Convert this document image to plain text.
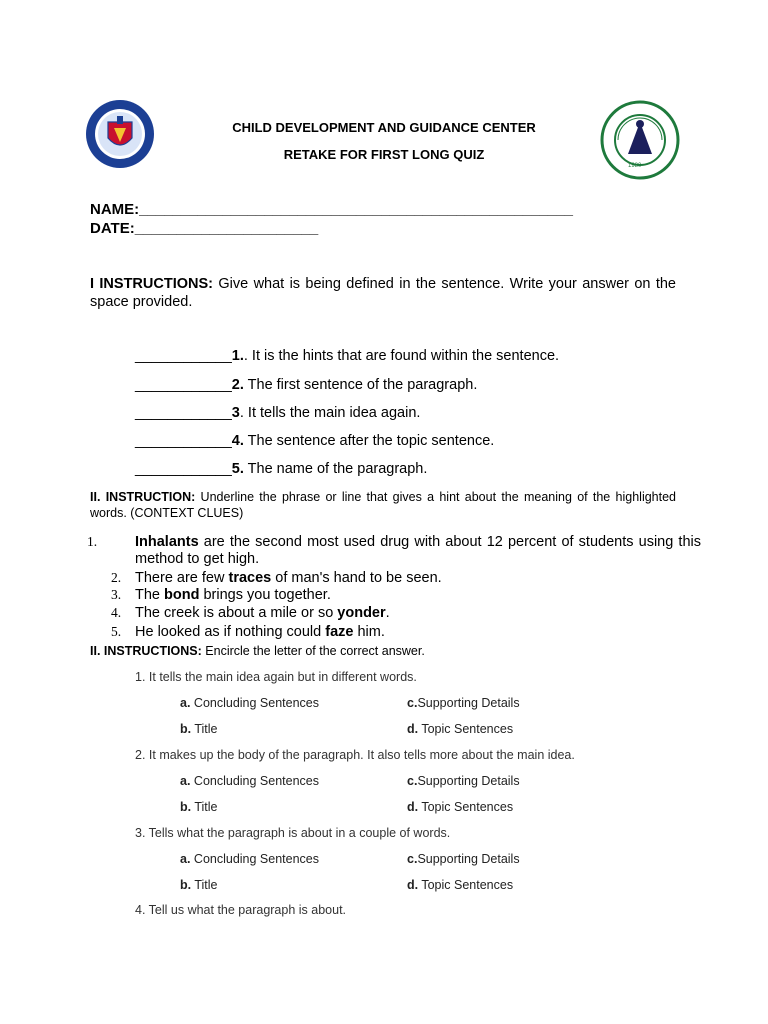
1980
CHILD DEVELOPMENT AND GUIDANCE CENTER
RETAKE FOR FIRST LONG QUIZ
NAME:____________________________________________________
DATE:______________________
I INSTRUCTIONS: Give what is being defined in the sentence. Write your answer on the space provided.
____________1.. It is the hints that are found within the sentence.
____________2. The first sentence of the paragraph.
____________3. It tells the main idea again.
____________4. The sentence after the topic sentence.
____________5. The name of the paragraph.
II. INSTRUCTION: Underline the phrase or line that gives a hint about the meaning of the highlighted words. (CONTEXT CLUES)
1.	Inhalants are the second most used drug with about 12 percent of students using this method to get high.
2. There are few traces of man's hand to be seen.
3. The bond brings you together.
4. The creek is about a mile or so yonder.
5. He looked as if nothing could faze him.
II. INSTRUCTIONS: Encircle the letter of the correct answer.
1. It tells the main idea again but in different words.
a. Concluding Sentences	c.Supporting Details
b. Title	d. Topic Sentences
2. It makes up the body of the paragraph. It also tells more about the main idea.
a. Concluding Sentences	c.Supporting Details
b. Title	d. Topic Sentences
3. Tells what the paragraph is about in a couple of words.
a. Concluding Sentences	c.Supporting Details
b. Title	d. Topic Sentences
4. Tell us what the paragraph is about.
